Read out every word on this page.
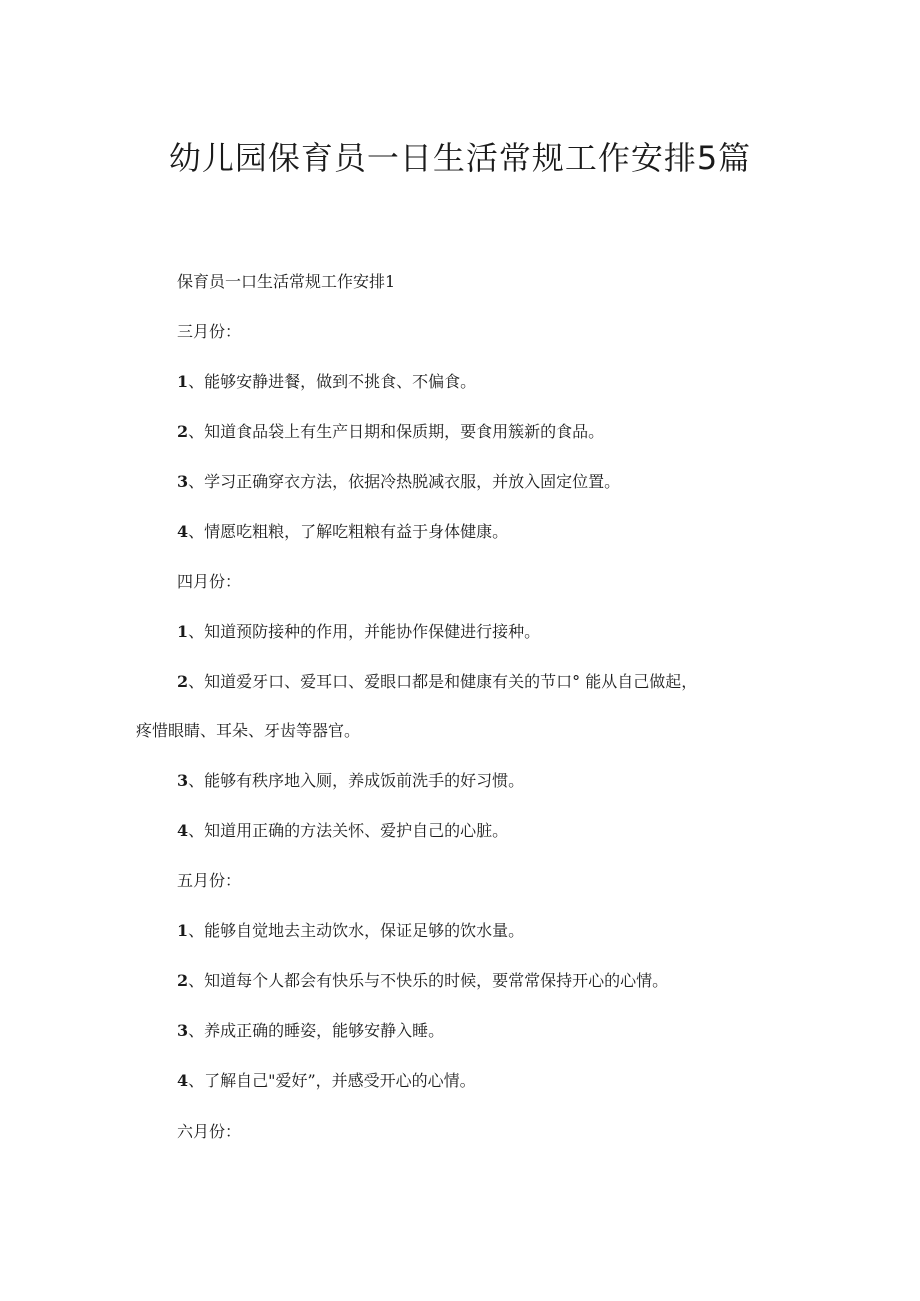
幼儿园保育员一日生活常规工作安排5篇
保育员一口生活常规工作安排1
三月份：
1、能够安静进餐，做到不挑食、不偏食。
2、知道食品袋上有生产日期和保质期，要食用簇新的食品。
3、学习正确穿衣方法，依据冷热脱减衣服，并放入固定位置。
4、情愿吃粗粮，了解吃粗粮有益于身体健康。
四月份：
1、知道预防接种的作用，并能协作保健进行接种。
2、知道爱牙口、爱耳口、爱眼口都是和健康有关的节口° 能从自己做起，
疼惜眼睛、耳朵、牙齿等器官。
3、能够有秩序地入厕，养成饭前洗手的好习惯。
4、知道用正确的方法关怀、爱护自己的心脏。
五月份：
1、能够自觉地去主动饮水，保证足够的饮水量。
2、知道每个人都会有快乐与不快乐的时候，要常常保持开心的心情。
3、养成正确的睡姿，能够安静入睡。
4、了解自己"爱好”，并感受开心的心情。
六月份：
